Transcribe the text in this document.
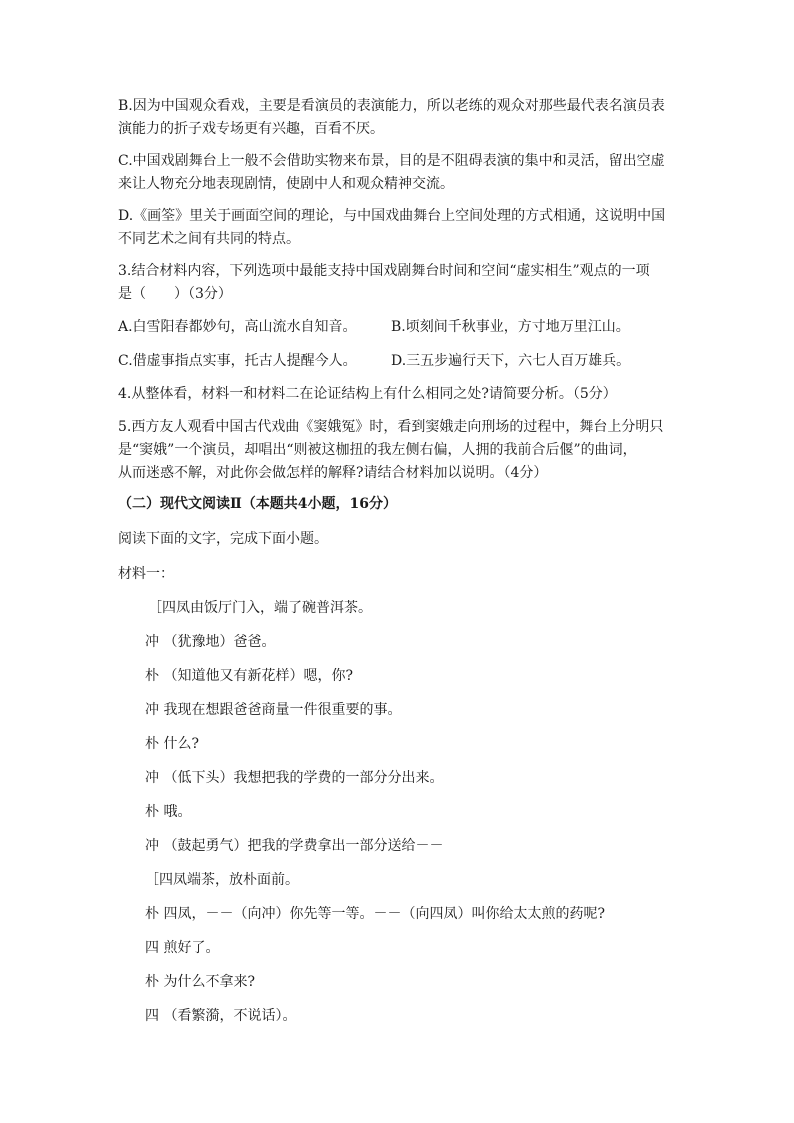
B.因为中国观众看戏，主要是看演员的表演能力，所以老练的观众对那些最代表名演员表
演能力的折子戏专场更有兴趣，百看不厌。
C.中国戏剧舞台上一般不会借助实物来布景，目的是不阻碍表演的集中和灵活，留出空虚
来让人物充分地表现剧情，使剧中人和观众精神交流。
D.《画筌》里关于画面空间的理论，与中国戏曲舞台上空间处理的方式相通，这说明中国
不同艺术之间有共同的特点。
3.结合材料内容，下列选项中最能支持中国戏剧舞台时间和空间“虚实相生”观点的一项
是（　　）（3分）
A.白雪阳春都妙句，高山流水自知音。 B.顷刻间千秋事业，方寸地万里江山。
C.借虚事指点实事，托古人提醒今人。 D.三五步遍行天下，六七人百万雄兵。
4.从整体看，材料一和材料二在论证结构上有什么相同之处?请简要分析。（5分）
5.西方友人观看中国古代戏曲《窦娥冤》时，看到窦娥走向刑场的过程中，舞台上分明只
是“窦娥”一个演员，却唱出“则被这枷扭的我左侧右偏，人拥的我前合后偃”的曲词，
从而迷惑不解，对此你会做怎样的解释?请结合材料加以说明。（4分）
（二）现代文阅读Ⅱ（本题共4小题，16分）
阅读下面的文字，完成下面小题。
材料一：
［四凤由饭厅门入，端了碗普洱茶。
冲 （犹豫地）爸爸。
朴 （知道他又有新花样）嗯，你?
冲 我现在想跟爸爸商量一件很重要的事。
朴 什么?
冲 （低下头）我想把我的学费的一部分分出来。
朴 哦。
冲 （鼓起勇气）把我的学费拿出一部分送给－－
［四凤端茶，放朴面前。
朴 四凤，－－（向冲）你先等一等。－－（向四凤）叫你给太太煎的药呢?
四 煎好了。
朴 为什么不拿来?
四 （看繁漪，不说话）。
